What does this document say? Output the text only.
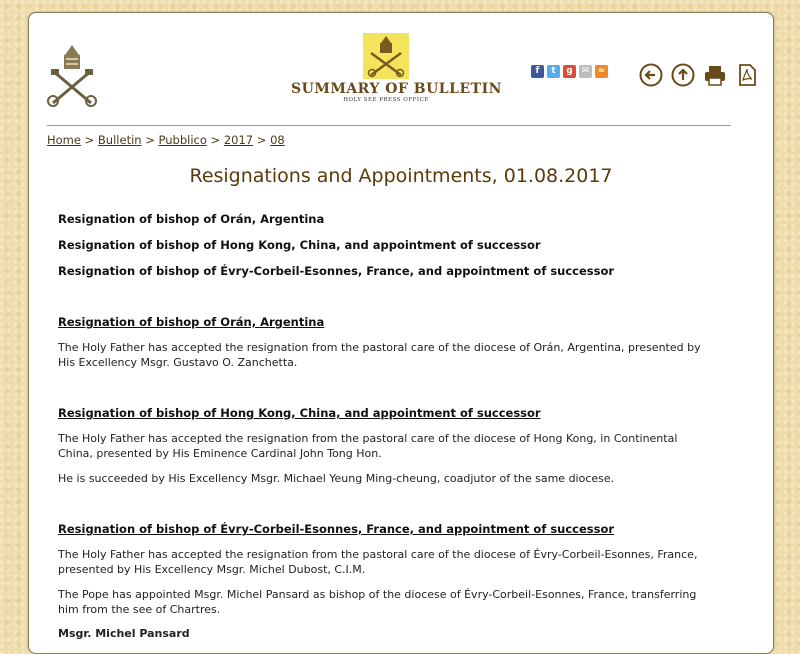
SUMMARY OF BULLETIN
HOLY SEE PRESS OFFICE
f	t	g	✉ ≈
Home > Bulletin > Pubblico > 2017 > 08
Resignations and Appointments, 01.08.2017
Resignation of bishop of Orán, Argentina
Resignation of bishop of Hong Kong, China, and appointment of successor
Resignation of bishop of Évry-Corbeil-Esonnes, France, and appointment of successor
Resignation of bishop of Orán, Argentina
The Holy Father has accepted the resignation from the pastoral care of the diocese of Orán, Argentina, presented by His Excellency Msgr. Gustavo O. Zanchetta.
Resignation of bishop of Hong Kong, China, and appointment of successor
The Holy Father has accepted the resignation from the pastoral care of the diocese of Hong Kong, in Continental China, presented by His Eminence Cardinal John Tong Hon.
He is succeeded by His Excellency Msgr. Michael Yeung Ming-cheung, coadjutor of the same diocese.
Resignation of bishop of Évry-Corbeil-Esonnes, France, and appointment of successor
The Holy Father has accepted the resignation from the pastoral care of the diocese of Évry-Corbeil-Esonnes, France, presented by His Excellency Msgr. Michel Dubost, C.I.M.
The Pope has appointed Msgr. Michel Pansard as bishop of the diocese of Évry-Corbeil-Esonnes, France, transferring him from the see of Chartres.
Msgr. Michel Pansard
